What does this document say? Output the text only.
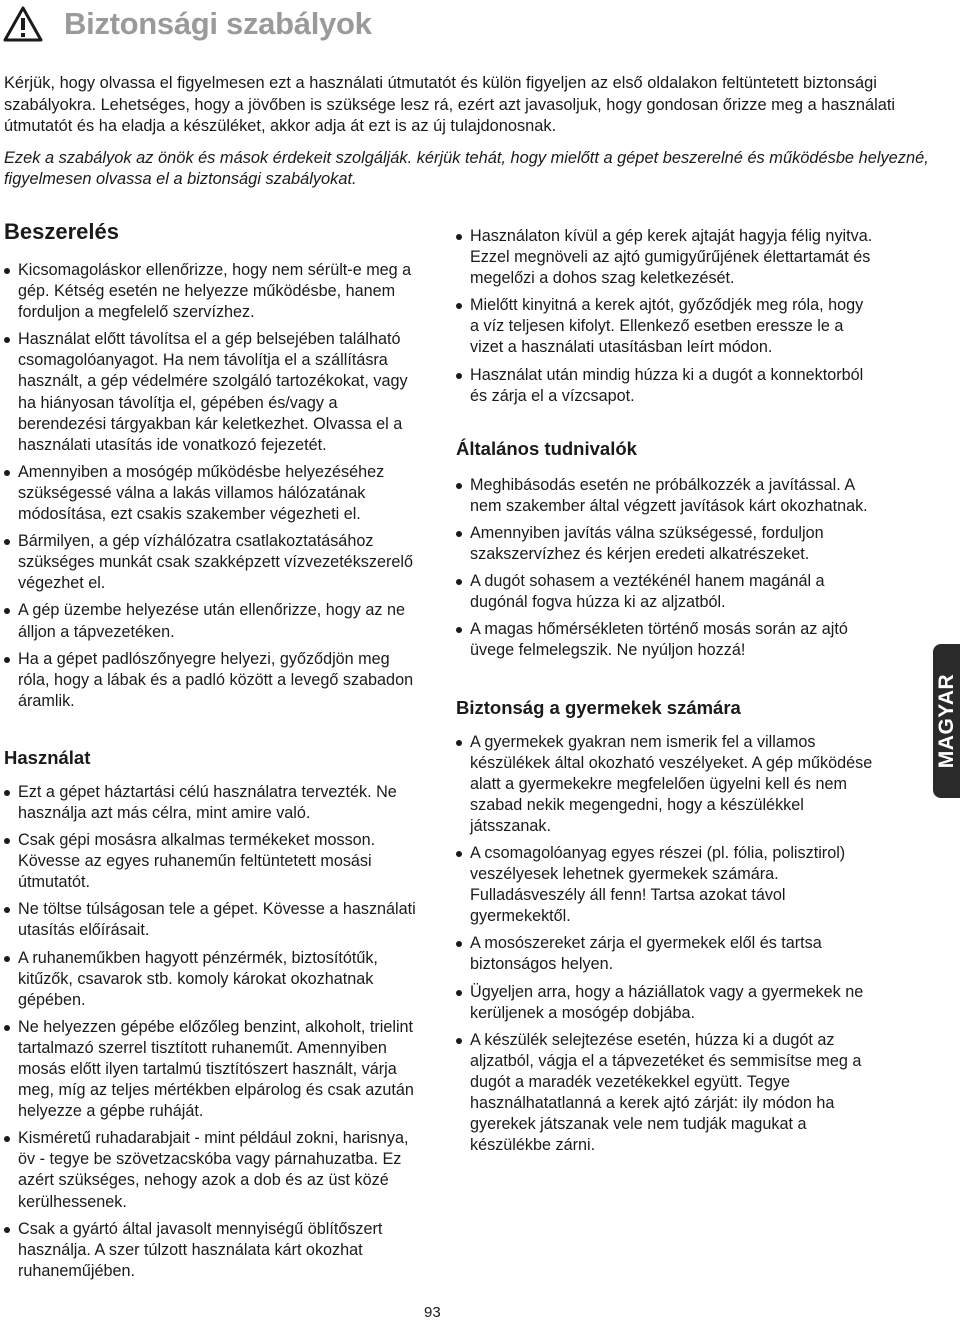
Biztonsági szabályok

Kérjük, hogy olvassa el figyelmesen ezt a használati útmutatót és külön figyeljen az első oldalakon feltüntetett biztonsági szabályokra. Lehetséges, hogy a jövőben is szüksége lesz rá, ezért azt javasoljuk, hogy gondosan őrizze meg a használati útmutatót és ha eladja a készüléket, akkor adja át ezt is az új tulajdonosnak.

Ezek a szabályok az önök és mások érdekeit szolgálják. kérjük tehát, hogy mielőtt a gépet beszerelné és működésbe helyezné, figyelmesen olvassa el a biztonsági szabályokat.

Beszerelés
Kicsomagoláskor ellenőrizze, hogy nem sérült-e meg a gép. Kétség esetén ne helyezze működésbe, hanem forduljon a megfelelő szervízhez.
Használat előtt távolítsa el a gép belsejében található csomagolóanyagot. Ha nem távolítja el a szállításra használt, a gép védelmére szolgáló tartozékokat, vagy ha hiányosan távolítja el, gépében és/vagy a berendezési tárgyakban kár keletkezhet. Olvassa el a használati utasítás ide vonatkozó fejezetét.
Amennyiben a mosógép működésbe helyezéséhez szükségessé válna a lakás villamos hálózatának módosítása, ezt csakis szakember végezheti el.
Bármilyen, a gép vízhálózatra csatlakoztatásához szükséges munkát csak szakképzett vízvezetékszerelő végezhet el.
A gép üzembe helyezése után ellenőrizze, hogy az ne álljon a tápvezetéken.
Ha a gépet padlószőnyegre helyezi, győződjön meg róla, hogy a lábak és a padló között a levegő szabadon áramlik.
Használat
Ezt a gépet háztartási célú használatra tervezték. Ne használja azt más célra, mint amire való.
Csak gépi mosásra alkalmas termékeket mosson. Kövesse az egyes ruhaneműn feltüntetett mosási útmutatót.
Ne töltse túlságosan tele a gépet. Kövesse a használati utasítás előírásait.
A ruhaneműkben hagyott pénzérmék, biztosítótűk, kitűzők, csavarok stb. komoly károkat okozhatnak gépében.
Ne helyezzen gépébe előzőleg benzint, alkoholt, trielint tartalmazó szerrel tisztított ruhaneműt. Amennyiben mosás előtt ilyen tartalmú tisztítószert használt, várja meg, míg az teljes mértékben elpárolog és csak azután helyezze a gépbe ruháját.
Kisméretű ruhadarabjait - mint például zokni, harisnya, öv - tegye be szövetzacskóba vagy párnahuzatba. Ez azért szükséges, nehogy azok a dob és az üst közé kerülhessenek.
Csak a gyártó által javasolt mennyiségű öblítőszert használja. A szer túlzott használata kárt okozhat ruhaneműjében.
Használaton kívül a gép kerek ajtaját hagyja félig nyitva. Ezzel megnöveli az ajtó gumigyűrűjének élettartamát és megelőzi a dohos szag keletkezését.
Mielőtt kinyitná a kerek ajtót, győződjék meg róla, hogy a víz teljesen kifolyt. Ellenkező esetben eressze le a vizet a használati utasításban leírt módon.
Használat után mindig húzza ki a dugót a konnektorból és zárja el a vízcsapot.
Általános tudnivalók
Meghibásodás esetén ne próbálkozzék a javítással. A nem szakember által végzett javítások kárt okozhatnak.
Amennyiben javítás válna szükségessé, forduljon szakszervízhez és kérjen eredeti alkatrészeket.
A dugót sohasem a veztékénél hanem magánál a dugónál fogva húzza ki az aljzatból.
A magas hőmérsékleten történő mosás során az ajtó üvege felmelegszik. Ne nyúljon hozzá!
Biztonság a gyermekek számára
A gyermekek gyakran nem ismerik fel a villamos készülékek által okozható veszélyeket. A gép működése alatt a gyermekekre megfelelően ügyelni kell és nem szabad nekik megengedni, hogy a készülékkel játsszanak.
A csomagolóanyag egyes részei (pl. fólia, polisztirol) veszélyesek lehetnek gyermekek számára. Fulladásveszély áll fenn! Tartsa azokat távol gyermekektől.
A mosószereket zárja el gyermekek elől és tartsa biztonságos helyen.
Ügyeljen arra, hogy a háziállatok vagy a gyermekek ne kerüljenek a mosógép dobjába.
A készülék selejtezése esetén, húzza ki a dugót az aljzatból, vágja el a tápvezetéket és semmisítse meg a dugót a maradék vezetékekkel együtt. Tegye használhatatlanná a kerek ajtó zárját: ily módon ha gyerekek játszanak vele nem tudják magukat a készülékbe zárni.
MAGYAR
93
